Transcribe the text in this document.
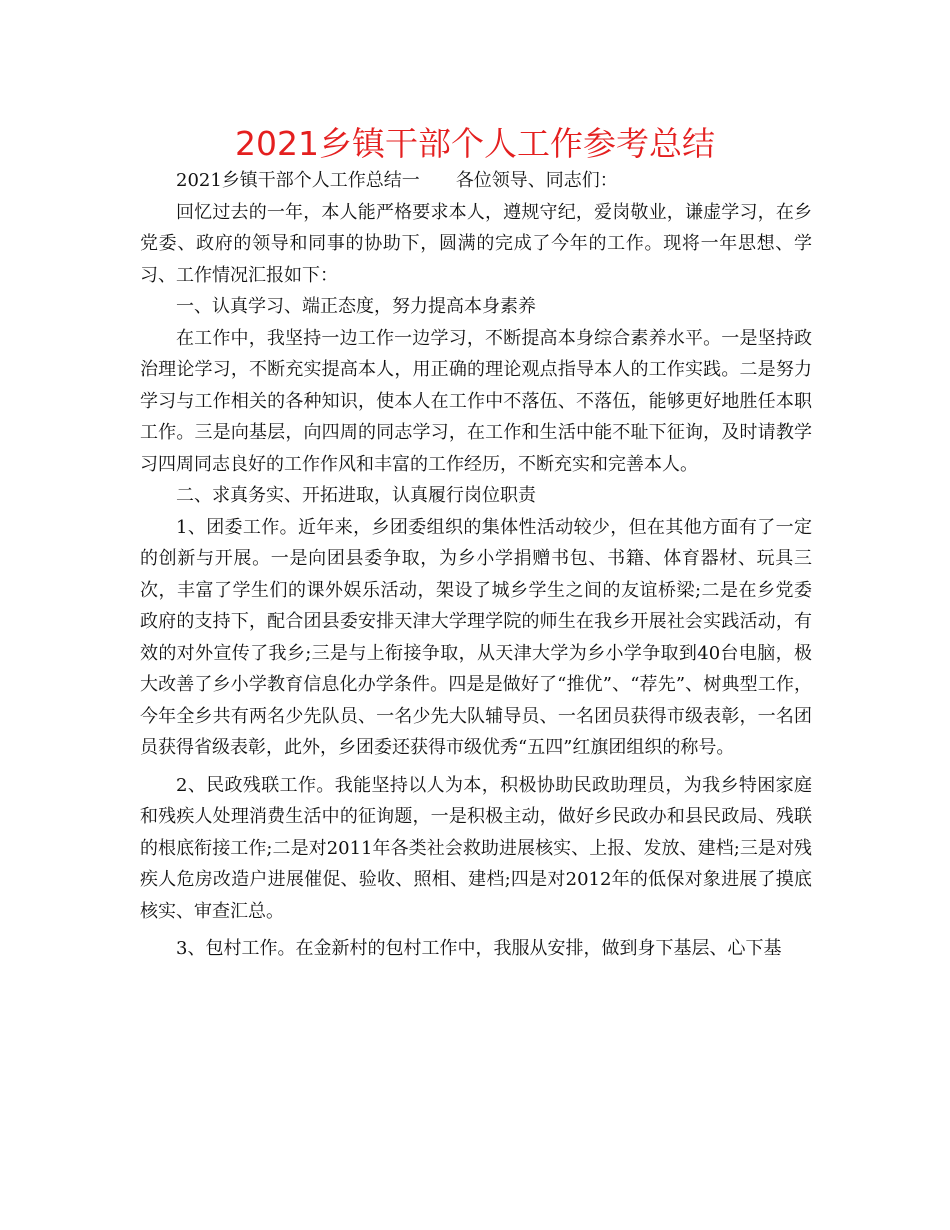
2021乡镇干部个人工作参考总结

2021乡镇干部个人工作总结一 各位领导、同志们：

回忆过去的一年，本人能严格要求本人，遵规守纪，爱岗敬业，谦虚学习，在乡党委、政府的领导和同事的协助下，圆满的完成了今年的工作。现将一年思想、学习、工作情况汇报如下：

一、认真学习、端正态度，努力提高本身素养

在工作中，我坚持一边工作一边学习，不断提高本身综合素养水平。一是坚持政治理论学习，不断充实提高本人，用正确的理论观点指导本人的工作实践。二是努力学习与工作相关的各种知识，使本人在工作中不落伍、不落伍，能够更好地胜任本职工作。三是向基层，向四周的同志学习，在工作和生活中能不耻下征询，及时请教学习四周同志良好的工作作风和丰富的工作经历，不断充实和完善本人。

二、求真务实、开拓进取，认真履行岗位职责

1、团委工作。近年来，乡团委组织的集体性活动较少，但在其他方面有了一定的创新与开展。一是向团县委争取，为乡小学捐赠书包、书籍、体育器材、玩具三次，丰富了学生们的课外娱乐活动，架设了城乡学生之间的友谊桥梁;二是在乡党委政府的支持下，配合团县委安排天津大学理学院的师生在我乡开展社会实践活动，有效的对外宣传了我乡;三是与上衔接争取，从天津大学为乡小学争取到40台电脑，极大改善了乡小学教育信息化办学条件。四是是做好了“推优”、“荐先”、树典型工作，今年全乡共有两名少先队员、一名少先大队辅导员、一名团员获得市级表彰，一名团员获得省级表彰，此外，乡团委还获得市级优秀“五四”红旗团组织的称号。

2、民政残联工作。我能坚持以人为本，积极协助民政助理员，为我乡特困家庭和残疾人处理消费生活中的征询题，一是积极主动，做好乡民政办和县民政局、残联的根底衔接工作;二是对2011年各类社会救助进展核实、上报、发放、建档;三是对残疾人危房改造户进展催促、验收、照相、建档;四是对2012年的低保对象进展了摸底核实、审查汇总。

3、包村工作。在金新村的包村工作中，我服从安排，做到身下基层、心下基
